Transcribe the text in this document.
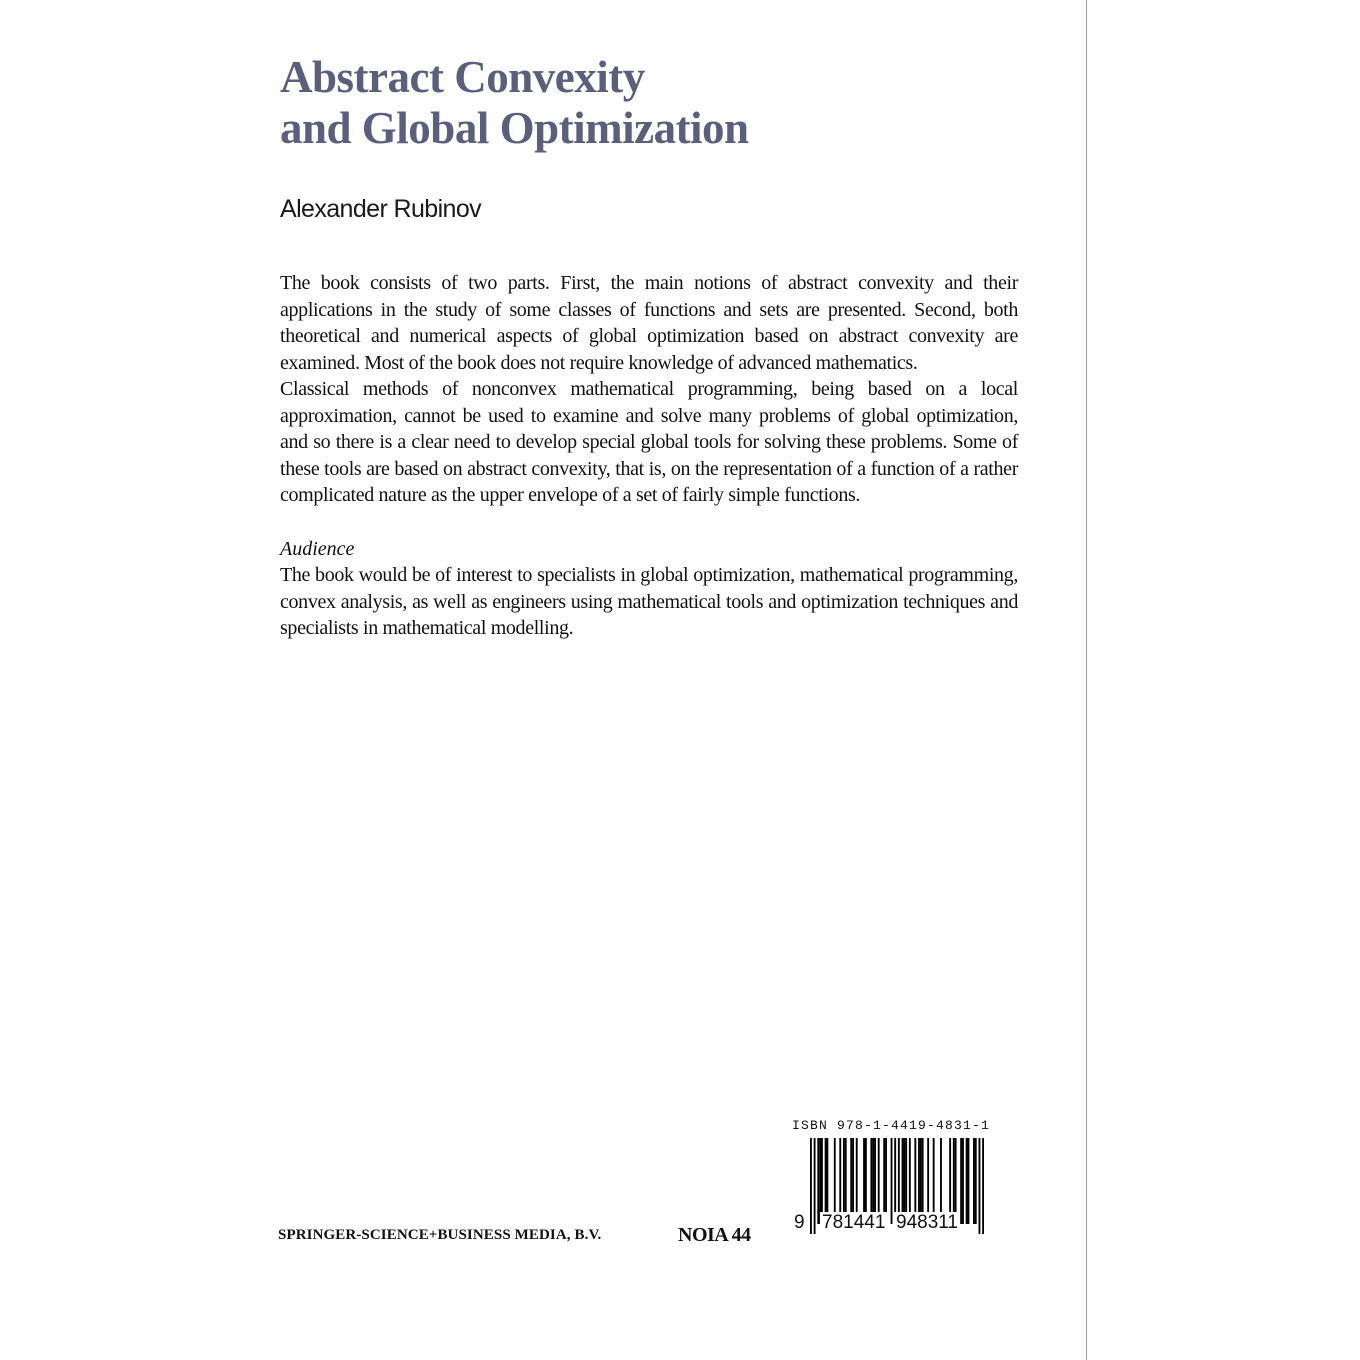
Abstract Convexity
and Global Optimization
Alexander Rubinov

The book consists of two parts. First, the main notions of abstract convexity and their applications in the study of some classes of functions and sets are presented. Second, both theoretical and numerical aspects of global optimization based on abstract convexity are examined. Most of the book does not require knowledge of advanced mathematics.

Classical methods of nonconvex mathematical programming, being based on a local approximation, cannot be used to examine and solve many problems of global optimization, and so there is a clear need to develop special global tools for solving these problems. Some of these tools are based on abstract convexity, that is, on the representation of a function of a rather complicated nature as the upper envelope of a set of fairly simple functions.

Audience

The book would be of interest to specialists in global optimization, mathematical programming, convex analysis, as well as engineers using mathematical tools and optimization techniques and specialists in mathematical modelling.

SPRINGER-SCIENCE+BUSINESS MEDIA, B.V.	NOIA 44
ISBN 978-1-4419-4831-1
9 781441 948311
